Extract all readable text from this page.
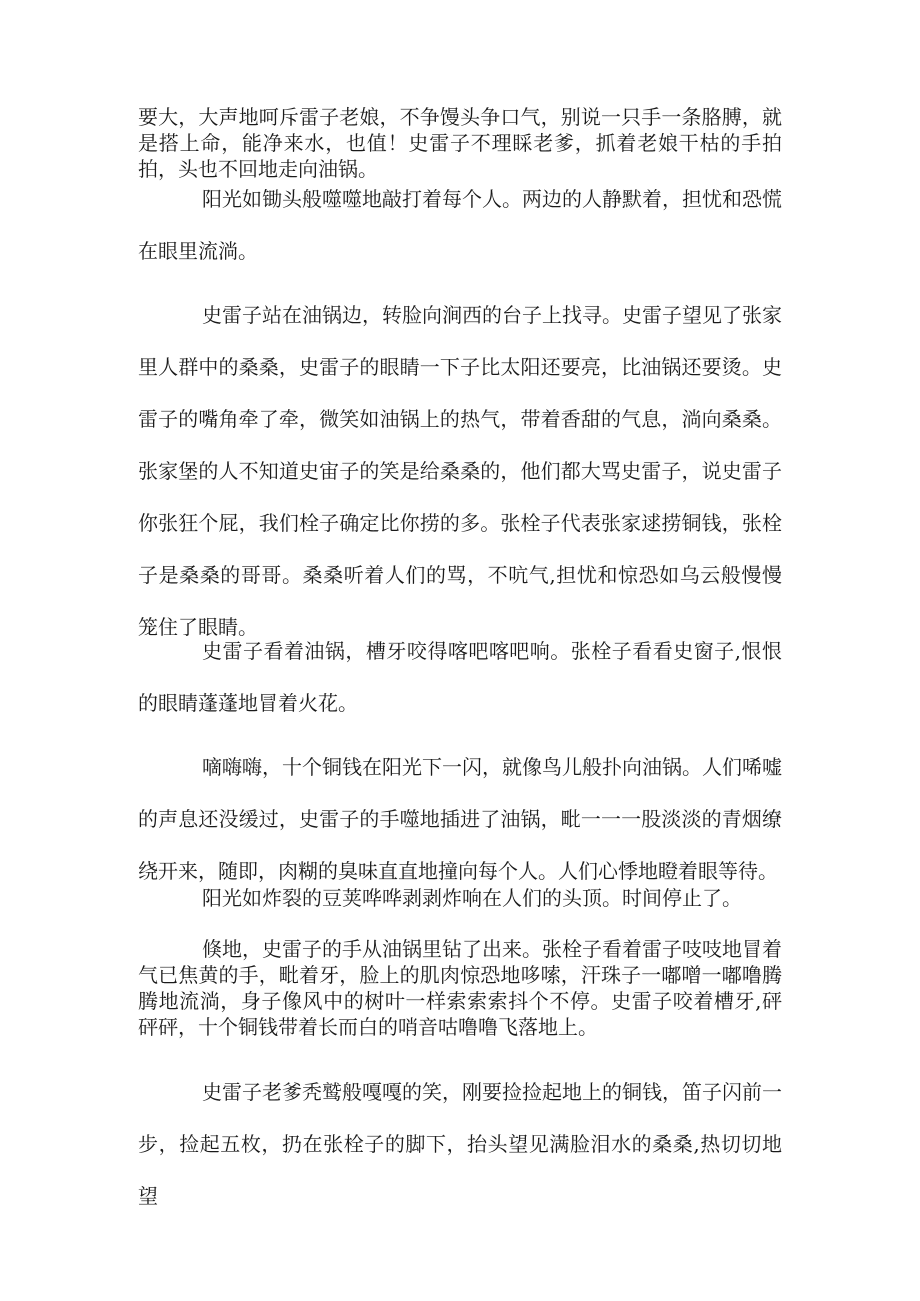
要大，大声地呵斥雷子老娘，不争馒头争口气，别说一只手一条胳膊，就是搭上命，能净来水，也值！史雷子不理睬老爹，抓着老娘干枯的手拍拍，头也不回地走向油锅。

阳光如锄头般噬噬地敲打着每个人。两边的人静默着，担忧和恐慌在眼里流淌。

史雷子站在油锅边，转脸向涧西的台子上找寻。史雷子望见了张家里人群中的桑桑，史雷子的眼睛一下子比太阳还要亮，比油锅还要烫。史雷子的嘴角牵了牵，微笑如油锅上的热气，带着香甜的气息，淌向桑桑。张家堡的人不知道史宙子的笑是给桑桑的，他们都大骂史雷子，说史雷子你张狂个屁，我们栓子确定比你捞的多。张栓子代表张家逑捞铜钱，张栓子是桑桑的哥哥。桑桑听着人们的骂，不吭气,担忧和惊恐如乌云般慢慢笼住了眼睛。

史雷子看着油锅，槽牙咬得喀吧喀吧响。张栓子看看史窗子,恨恨的眼睛蓬蓬地冒着火花。

嘀嗨嗨，十个铜钱在阳光下一闪，就像鸟儿般扑向油锅。人们唏嘘的声息还没缓过，史雷子的手噬地插进了油锅，毗一一一股淡淡的青烟缭绕开来，随即，肉糊的臭味直直地撞向每个人。人们心悸地瞪着眼等待。

阳光如炸裂的豆荚哗哗剥剥炸响在人们的头顶。时间停止了。

倏地，史雷子的手从油锅里钻了出来。张栓子看着雷子吱吱地冒着气已焦黄的手，毗着牙，脸上的肌肉惊恐地哆嗦，汗珠子一嘟噌一嘟噜腾腾地流淌，身子像风中的树叶一样索索索抖个不停。史雷子咬着槽牙,砰砰砰，十个铜钱带着长而白的哨音咕噜噜飞落地上。

史雷子老爹秃鹫般嘎嘎的笑，刚要捡捡起地上的铜钱，笛子闪前一步，捡起五枚，扔在张栓子的脚下，抬头望见满脸泪水的桑桑,热切切地望
